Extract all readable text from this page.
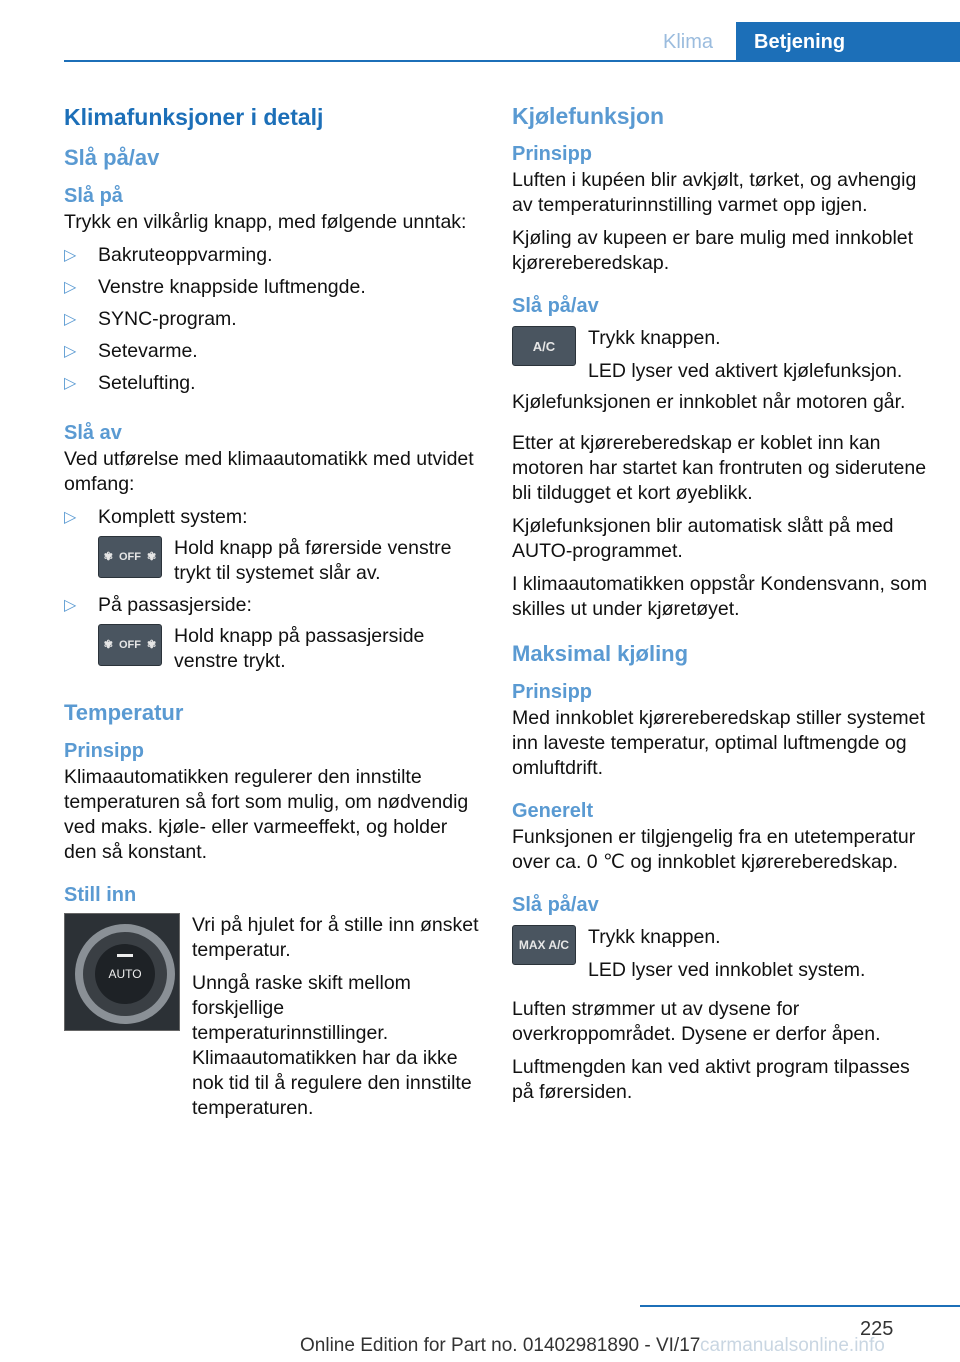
Klima	Betjening
Klimafunksjoner i detalj
Slå på/av
Slå på

Trykk en vilkårlig knapp, med følgende unntak:

▷ Bakruteoppvarming.
▷ Venstre knappside luftmengde.
▷ SYNC-program.
▷ Setevarme.
▷ Setelufting.
Slå av

Ved utførelse med klimaautomatikk med utvidet omfang:

▷ Komplett system:
✾ OFF ✾ Hold knapp på førerside venstre trykt til systemet slår av.

▷ På passasjerside:
✾ OFF ✾ Hold knapp på passasjerside venstre trykt.

Temperatur
Prinsipp

Klimaautomatikken regulerer den innstilte temperaturen så fort som mulig, om nødvendig ved maks. kjøle- eller varmeeffekt, og holder den så konstant.

Still inn
AUTO

Vri på hjulet for å stille inn ønsket temperatur.

Unngå raske skift mellom forskjellige temperaturinnstillinger. Klimaautomatikken har da ikke nok tid til å regulere den innstilte temperaturen.

Kjølefunksjon
Prinsipp

Luften i kupéen blir avkjølt, tørket, og avhengig av temperaturinnstilling varmet opp igjen.

Kjøling av kupeen er bare mulig med innkoblet kjørereberedskap.

Slå på/av
A/C	Trykk knappen.

LED lyser ved aktivert kjølefunksjon.

Kjølefunksjonen er innkoblet når motoren går.

Etter at kjørereberedskap er koblet inn kan motoren har startet kan frontruten og siderutene bli tildugget et kort øyeblikk.

Kjølefunksjonen blir automatisk slått på med AUTO-programmet.

I klimaautomatikken oppstår Kondensvann, som skilles ut under kjøretøyet.

Maksimal kjøling
Prinsipp

Med innkoblet kjørereberedskap stiller systemet inn laveste temperatur, optimal luftmengde og omluftdrift.

Generelt

Funksjonen er tilgjengelig fra en utetemperatur over ca. 0 ℃ og innkoblet kjørereberedskap.

Slå på/av
MAX A/C Trykk knappen.

LED lyser ved innkoblet system.

Luften strømmer ut av dysene for overkroppområdet. Dysene er derfor åpen.

Luftmengden kan ved aktivt program tilpasses på førersiden.

225
Online Edition for Part no. 01402981890 - VI/17 carmanualsonline.info
